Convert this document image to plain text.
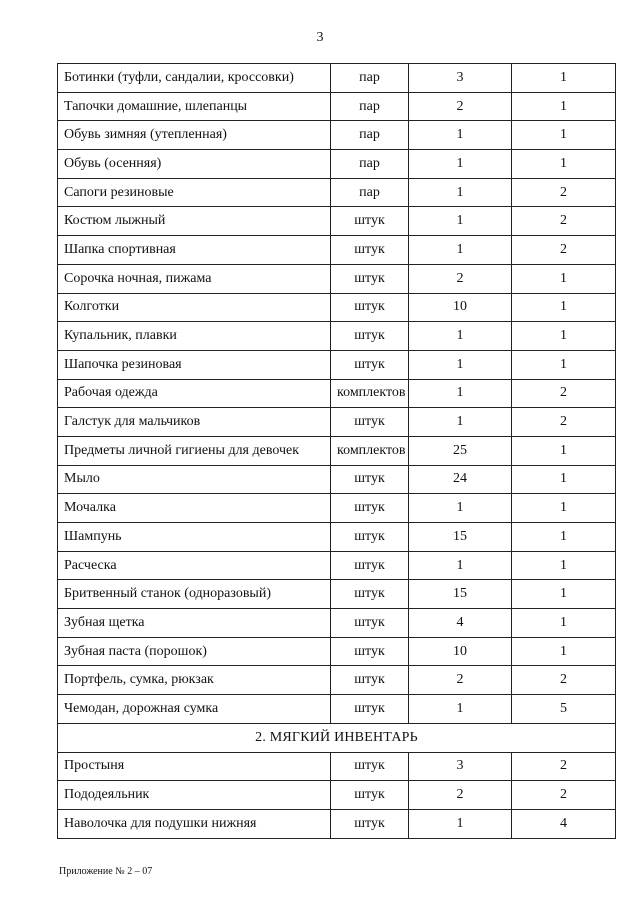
3
Ботинки (туфли, сандалии, кроссовки)	пар	3	1
Тапочки домашние, шлепанцы	пар	2	1
Обувь зимняя (утепленная)	пар	1	1
Обувь (осенняя)	пар	1	1
Сапоги резиновые	пар	1	2
Костюм лыжный	штук	1	2
Шапка спортивная	штук	1	2
Сорочка ночная, пижама	штук	2	1
Колготки	штук	10	1
Купальник, плавки	штук	1	1
Шапочка резиновая	штук	1	1
Рабочая одежда	комплектов	1	2
Галстук для мальчиков	штук	1	2
Предметы личной гигиены для девочек	комплектов	25	1
Мыло	штук	24	1
Мочалка	штук	1	1
Шампунь	штук	15	1
Расческа	штук	1	1
Бритвенный станок (одноразовый)	штук	15	1
Зубная щетка	штук	4	1
Зубная паста (порошок)	штук	10	1
Портфель, сумка, рюкзак	штук	2	2
Чемодан, дорожная сумка	штук	1	5
2. МЯГКИЙ ИНВЕНТАРЬ			
Простыня	штук	3	2
Пододеяльник	штук	2	2
Наволочка для подушки нижняя	штук	1	4
Приложение № 2 – 07
